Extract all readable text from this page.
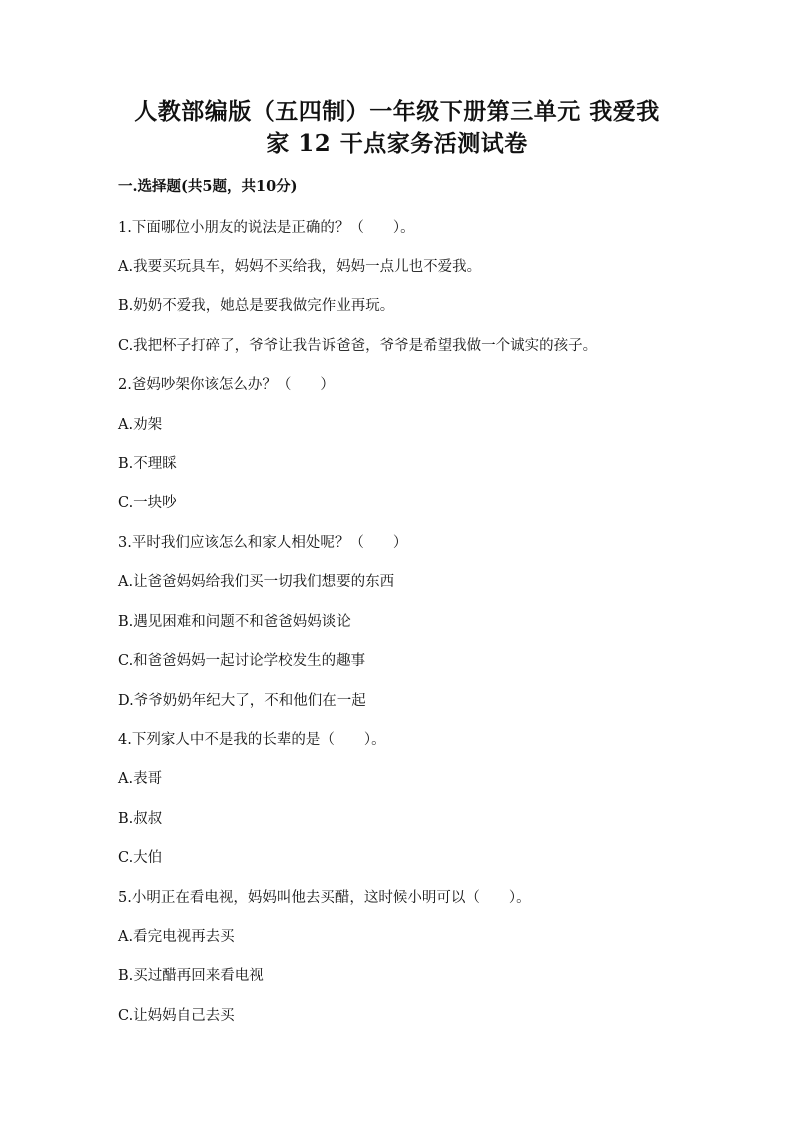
人教部编版（五四制）一年级下册第三单元 我爱我
家 12 干点家务活测试卷
一.选择题(共5题，共10分)
1.下面哪位小朋友的说法是正确的？（　　）。
A.我要买玩具车，妈妈不买给我，妈妈一点儿也不爱我。
B.奶奶不爱我，她总是要我做完作业再玩。
C.我把杯子打碎了，爷爷让我告诉爸爸，爷爷是希望我做一个诚实的孩子。
2.爸妈吵架你该怎么办？（　　）
A.劝架
B.不理睬
C.一块吵
3.平时我们应该怎么和家人相处呢？（　　）
A.让爸爸妈妈给我们买一切我们想要的东西
B.遇见困难和问题不和爸爸妈妈谈论
C.和爸爸妈妈一起讨论学校发生的趣事
D.爷爷奶奶年纪大了，不和他们在一起
4.下列家人中不是我的长辈的是（　　）。
A.表哥
B.叔叔
C.大伯
5.小明正在看电视，妈妈叫他去买醋，这时候小明可以（　　）。
A.看完电视再去买
B.买过醋再回来看电视
C.让妈妈自己去买
